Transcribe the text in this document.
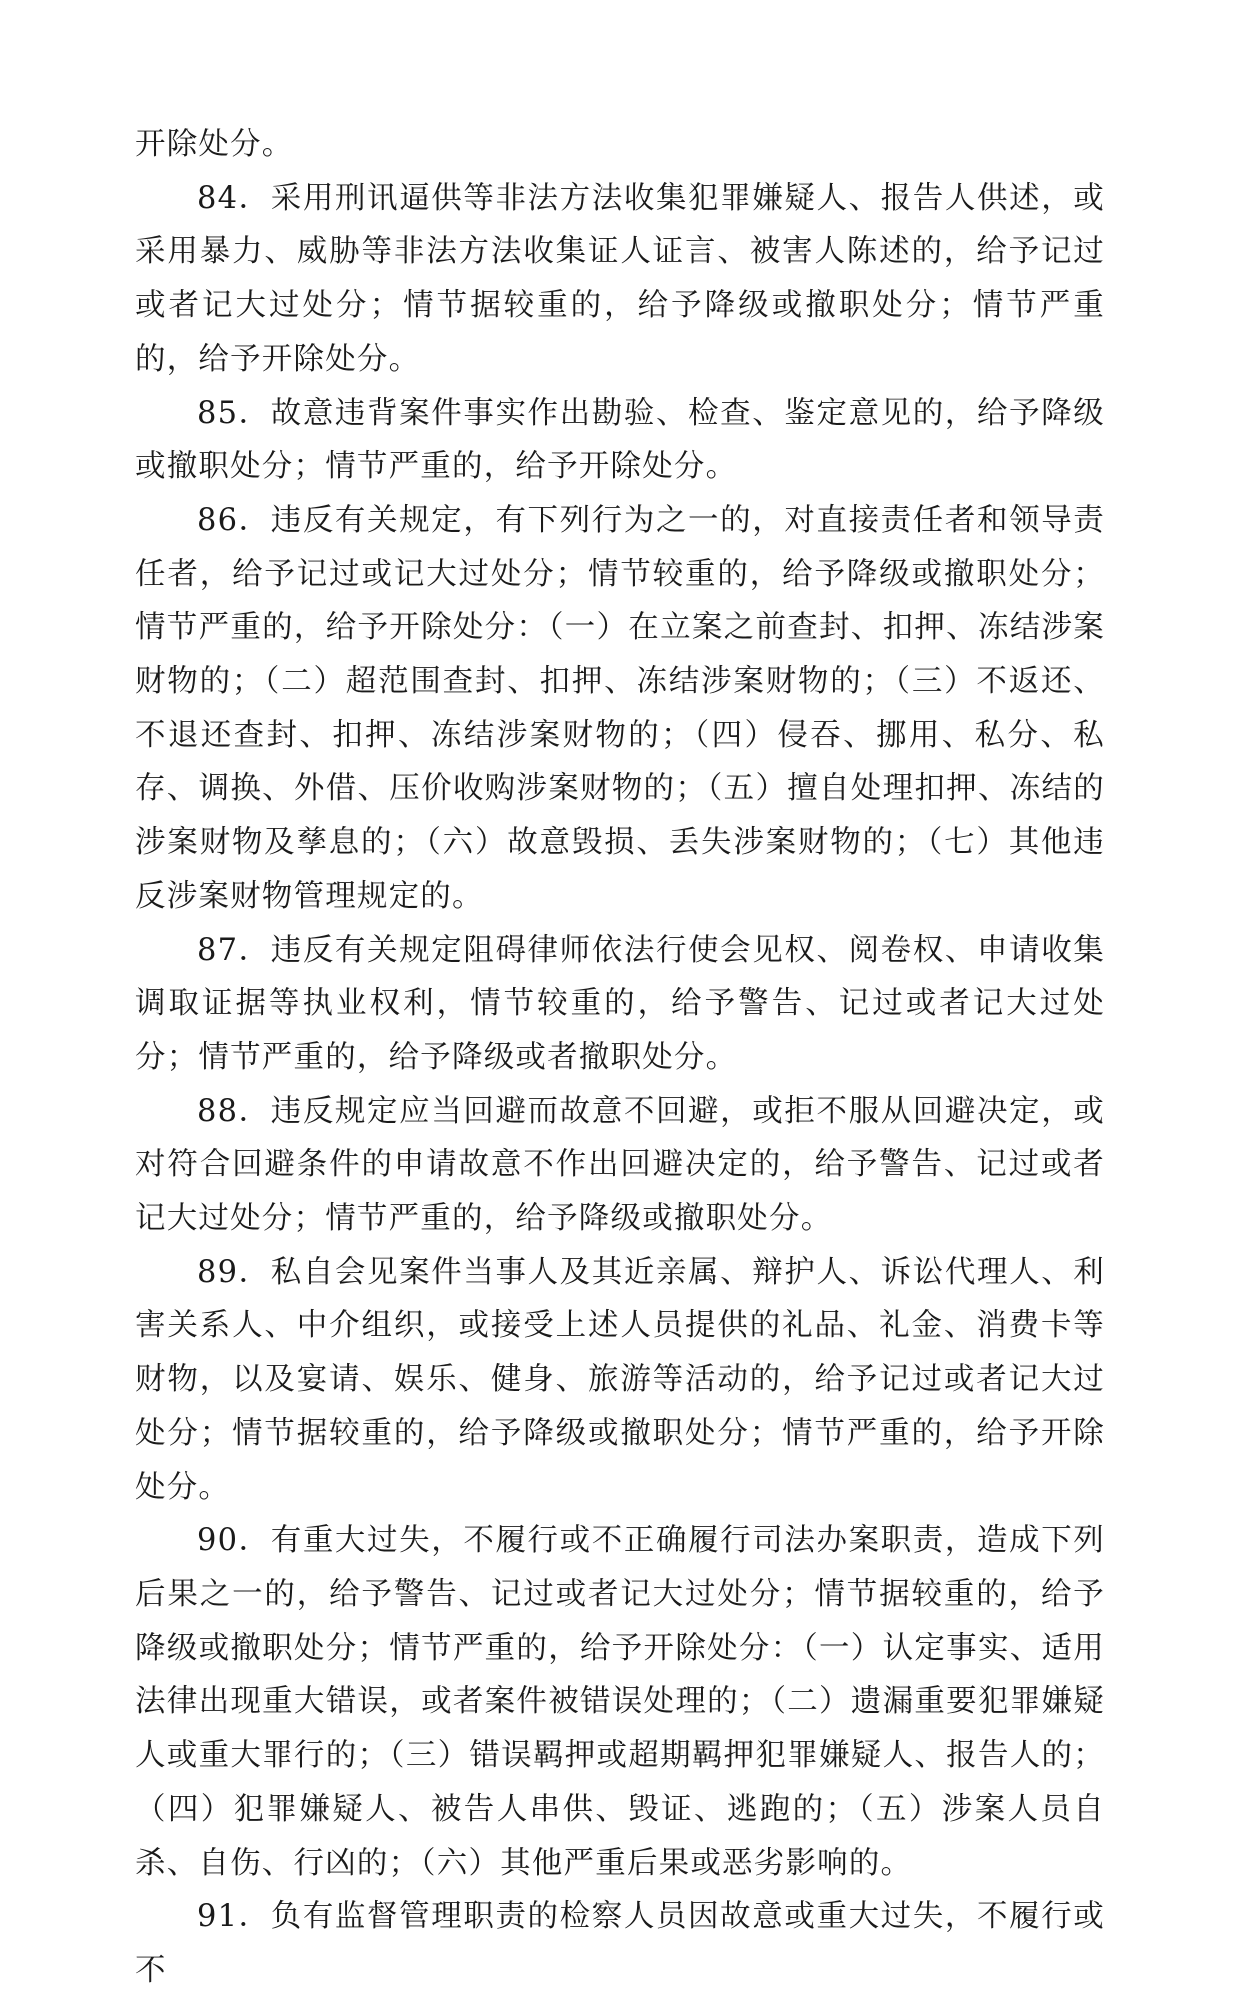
开除处分。

84．采用刑讯逼供等非法方法收集犯罪嫌疑人、报告人供述，或采用暴力、威胁等非法方法收集证人证言、被害人陈述的，给予记过或者记大过处分；情节据较重的，给予降级或撤职处分；情节严重的，给予开除处分。

85．故意违背案件事实作出勘验、检查、鉴定意见的，给予降级或撤职处分；情节严重的，给予开除处分。

86．违反有关规定，有下列行为之一的，对直接责任者和领导责任者，给予记过或记大过处分；情节较重的，给予降级或撤职处分；情节严重的，给予开除处分：（一）在立案之前查封、扣押、冻结涉案财物的；（二）超范围查封、扣押、冻结涉案财物的；（三）不返还、不退还查封、扣押、冻结涉案财物的；（四）侵吞、挪用、私分、私存、调换、外借、压价收购涉案财物的；（五）擅自处理扣押、冻结的涉案财物及孳息的；（六）故意毁损、丢失涉案财物的；（七）其他违反涉案财物管理规定的。

87．违反有关规定阻碍律师依法行使会见权、阅卷权、申请收集调取证据等执业权利，情节较重的，给予警告、记过或者记大过处分；情节严重的，给予降级或者撤职处分。

88．违反规定应当回避而故意不回避，或拒不服从回避决定，或对符合回避条件的申请故意不作出回避决定的，给予警告、记过或者记大过处分；情节严重的，给予降级或撤职处分。

89．私自会见案件当事人及其近亲属、辩护人、诉讼代理人、利害关系人、中介组织，或接受上述人员提供的礼品、礼金、消费卡等财物，以及宴请、娱乐、健身、旅游等活动的，给予记过或者记大过处分；情节据较重的，给予降级或撤职处分；情节严重的，给予开除处分。

90．有重大过失，不履行或不正确履行司法办案职责，造成下列后果之一的，给予警告、记过或者记大过处分；情节据较重的，给予降级或撤职处分；情节严重的，给予开除处分：（一）认定事实、适用法律出现重大错误，或者案件被错误处理的；（二）遗漏重要犯罪嫌疑人或重大罪行的；（三）错误羁押或超期羁押犯罪嫌疑人、报告人的；（四）犯罪嫌疑人、被告人串供、毁证、逃跑的；（五）涉案人员自杀、自伤、行凶的；（六）其他严重后果或恶劣影响的。

91．负有监督管理职责的检察人员因故意或重大过失，不履行或不
